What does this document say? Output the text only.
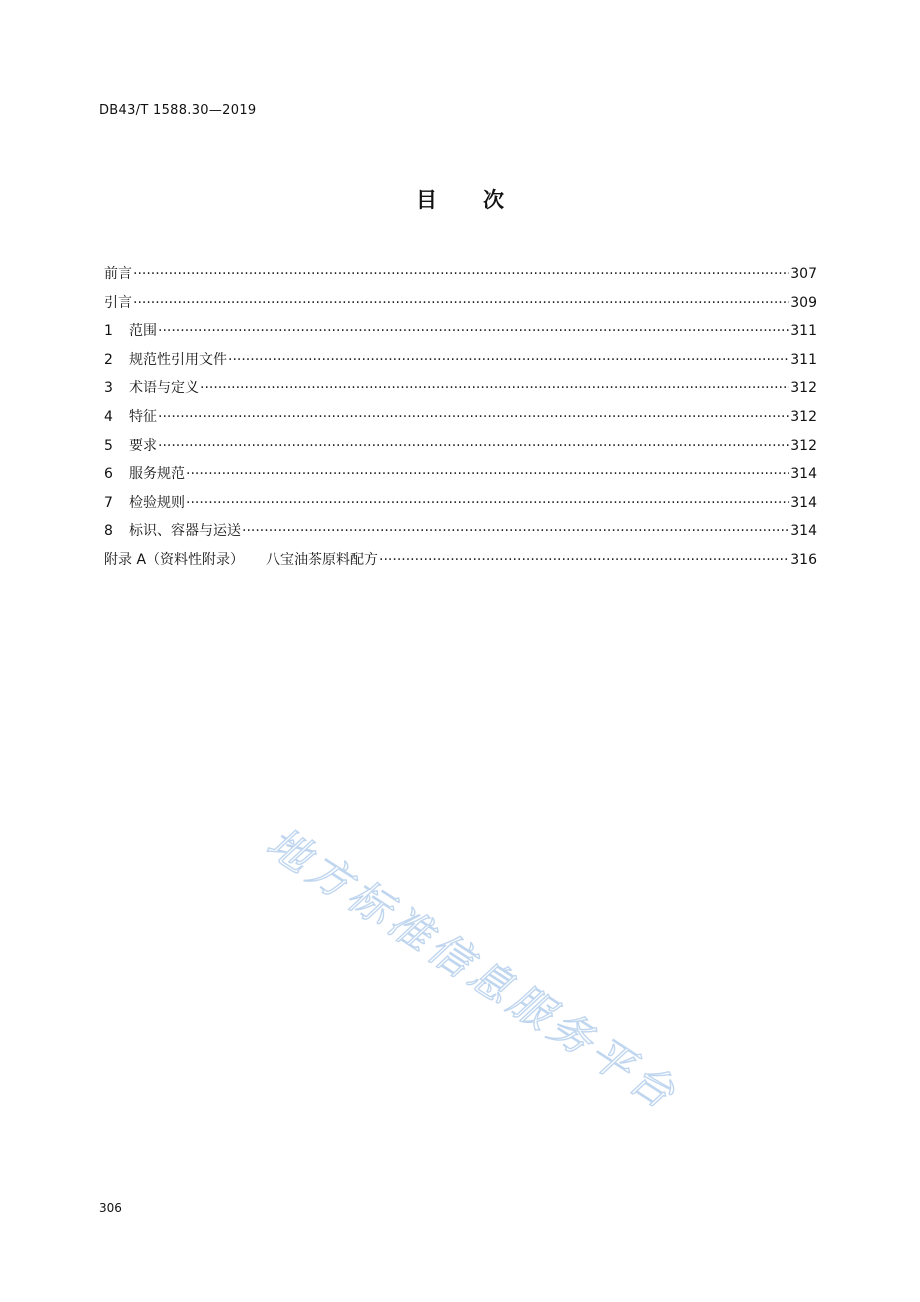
DB43/T 1588.30—2019
目次
前言 ·····	307
引言 ·····	309
1	范围 ·····	311
2	规范性引用文件 ·····	311
3	术语与定义 ·····	312
4	特征 ·····	312
5	要求 ·····	312
6	服务规范 ·····	314
7	检验规则 ·····	314
8	标识、容器与运送 ·····	314
附录 A（资料性附录） 八宝油茶原料配方 ·····	316
地方标准信息服务平台
306
